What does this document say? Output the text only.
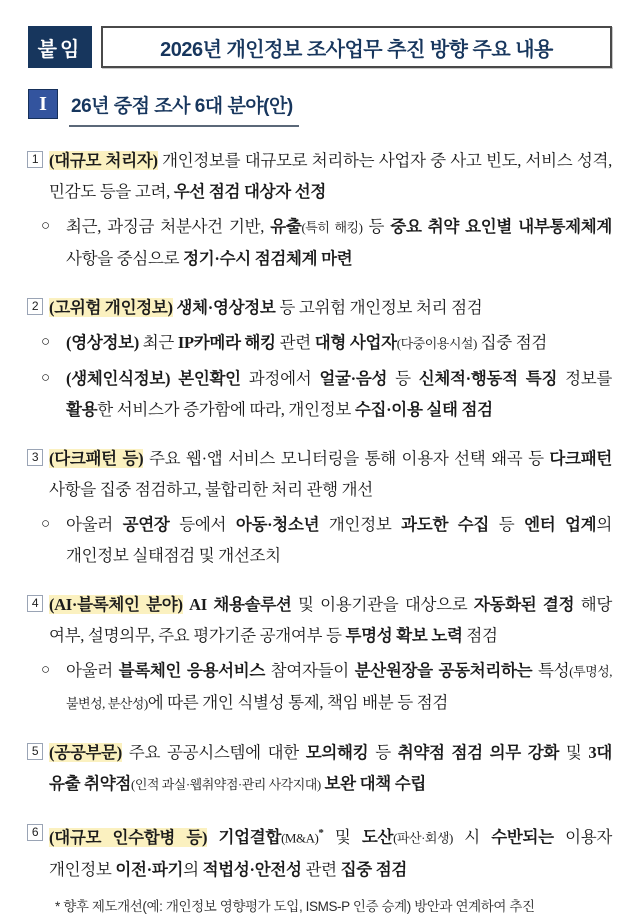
붙임	2026년 개인정보 조사업무 추진 방향 주요 내용
I	26년 중점 조사 6대 분야(안)

1 (대규모 처리자) 개인정보를 대규모로 처리하는 사업자 중 사고 빈도, 서비스 성격, 민감도 등을 고려, 우선 점검 대상자 선정

○ 최근, 과징금 처분사건 기반, 유출(특히 해킹) 등 중요 취약 요인별 내부통제체계 사항을 중심으로 정기·수시 점검체계 마련

2 (고위험 개인정보) 생체·영상정보 등 고위험 개인정보 처리 점검

○ (영상정보) 최근 IP카메라 해킹 관련 대형 사업자(다중이용시설) 집중 점검

○ (생체인식정보) 본인확인 과정에서 얼굴·음성 등 신체적·행동적 특징 정보를 활용한 서비스가 증가함에 따라, 개인정보 수집·이용 실태 점검

3 (다크패턴 등) 주요 웹·앱 서비스 모니터링을 통해 이용자 선택 왜곡 등 다크패턴 사항을 집중 점검하고, 불합리한 처리 관행 개선

○ 아울러 공연장 등에서 아동·청소년 개인정보 과도한 수집 등 엔터 업계의 개인정보 실태점검 및 개선조치

4 (AI·블록체인 분야) AI 채용솔루션 및 이용기관을 대상으로 자동화된 결정 해당 여부, 설명의무, 주요 평가기준 공개여부 등 투명성 확보 노력 점검

○ 아울러 블록체인 응용서비스 참여자들이 분산원장을 공동처리하는 특성(투명성, 불변성, 분산성)에 따른 개인 식별성 통제, 책임 배분 등 점검

5 (공공부문) 주요 공공시스템에 대한 모의해킹 등 취약점 점검 의무 강화 및 3대 유출 취약점(인적 과실·웹취약점·관리 사각지대) 보완 대책 수립

6 (대규모 인수합병 등) 기업결합(M&A)* 및 도산(파산·회생) 시 수반되는 이용자 개인정보 이전·파기의 적법성·안전성 관련 집중 점검

* 향후 제도개선(예: 개인정보 영향평가 도입, ISMS-P 인증 승계) 방안과 연계하여 추진
